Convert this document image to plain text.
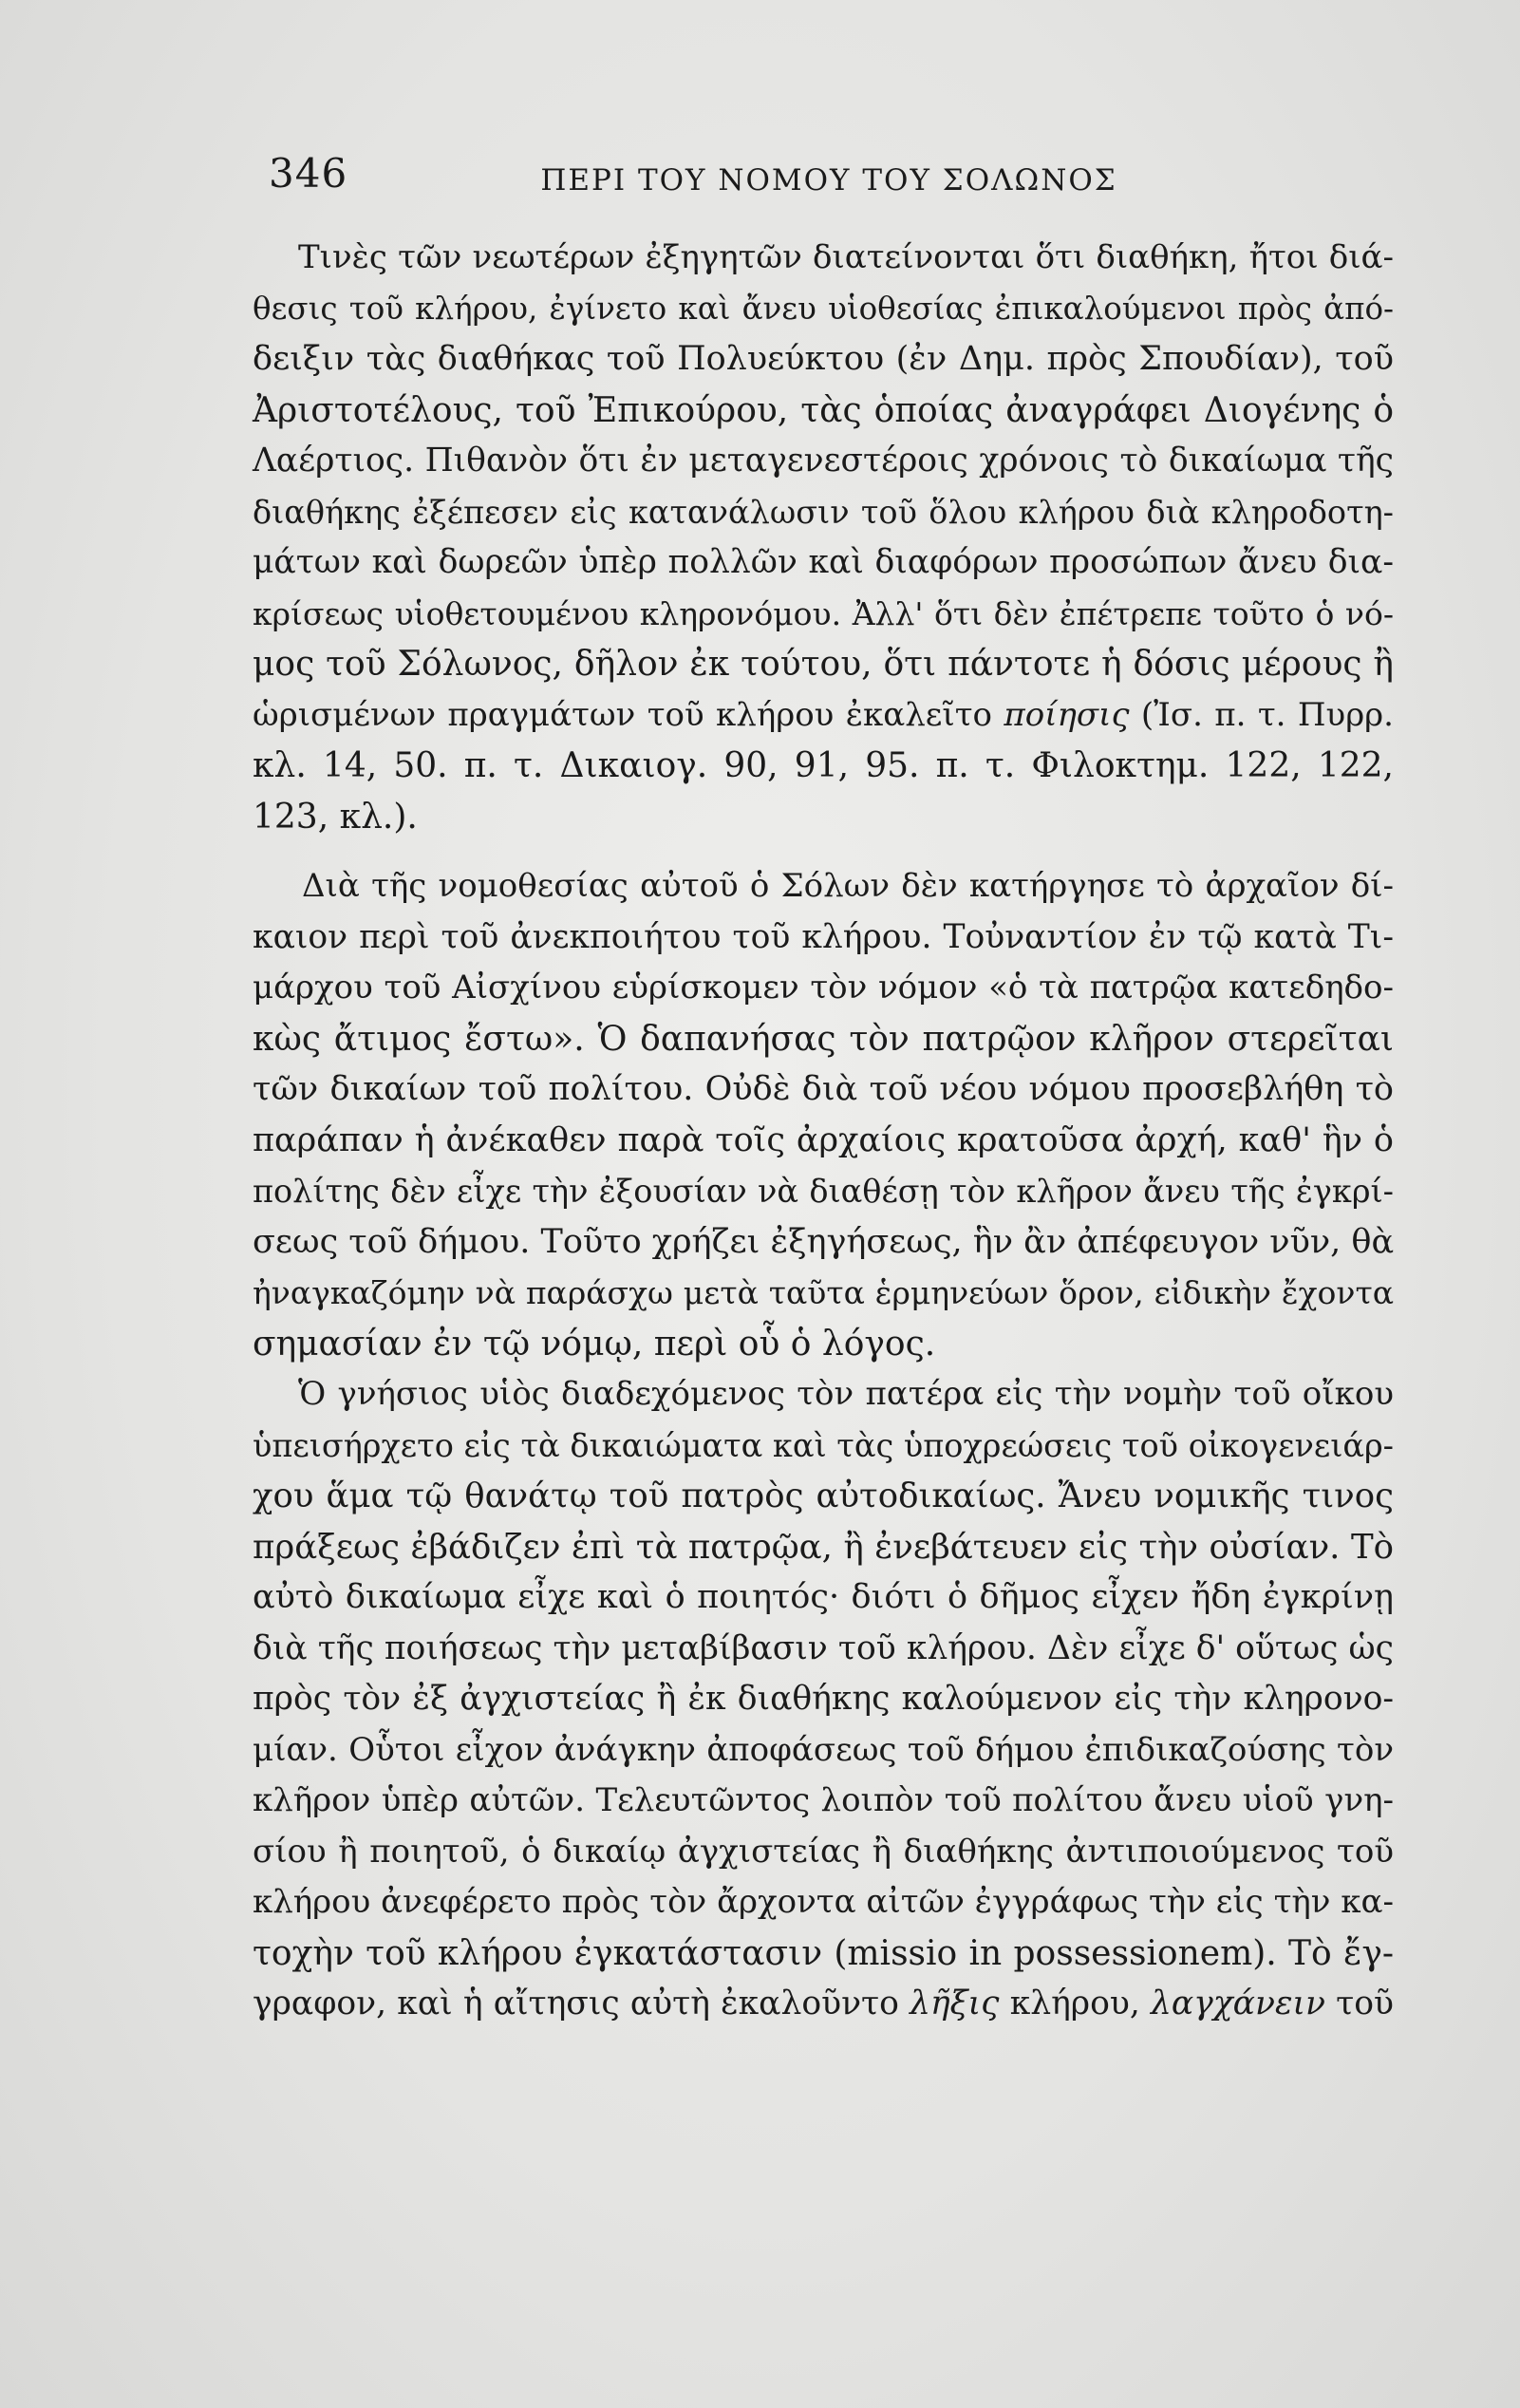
346	ΠΕΡΙ ΤΟΥ ΝΟΜΟΥ ΤΟΥ ΣΟΛΩΝΟΣ
Τινὲς τῶν νεωτέρων ἐξηγητῶν διατείνονται ὅτι διαθήκη, ἤτοι διά-
θεσις τοῦ κλήρου, ἐγίνετο καὶ ἄνευ υἱοθεσίας ἐπικαλούμενοι πρὸς ἀπό-
δειξιν τὰς διαθήκας τοῦ Πολυεύκτου (ἐν Δημ. πρὸς Σπουδίαν), τοῦ
Ἀριστοτέλους, τοῦ Ἐπικούρου, τὰς ὁποίας ἀναγράφει Διογένης ὁ
Λαέρτιος. Πιθανὸν ὅτι ἐν μεταγενεστέροις χρόνοις τὸ δικαίωμα τῆς
διαθήκης ἐξέπεσεν εἰς κατανάλωσιν τοῦ ὅλου κλήρου διὰ κληροδοτη-
μάτων καὶ δωρεῶν ὑπὲρ πολλῶν καὶ διαφόρων προσώπων ἄνευ δια-
κρίσεως υἱοθετουμένου κληρονόμου. Ἀλλ' ὅτι δὲν ἐπέτρεπε τοῦτο ὁ νό-
μος τοῦ Σόλωνος, δῆλον ἐκ τούτου, ὅτι πάντοτε ἡ δόσις μέρους ἢ
ὡρισμένων πραγμάτων τοῦ κλήρου ἐκαλεῖτο ποίησις (Ἰσ. π. τ. Πυρρ.
κλ. 14, 50. π. τ. Δικαιογ. 90, 91, 95. π. τ. Φιλοκτημ. 122, 122,
123, κλ.).
Διὰ τῆς νομοθεσίας αὐτοῦ ὁ Σόλων δὲν κατήργησε τὸ ἀρχαῖον δί-
καιον περὶ τοῦ ἀνεκποιήτου τοῦ κλήρου. Τοὐναντίον ἐν τῷ κατὰ Τι-
μάρχου τοῦ Αἰσχίνου εὑρίσκομεν τὸν νόμον «ὁ τὰ πατρῷα κατεδηδο-
κὼς ἄτιμος ἔστω». Ὁ δαπανήσας τὸν πατρῷον κλῆρον στερεῖται
τῶν δικαίων τοῦ πολίτου. Οὐδὲ διὰ τοῦ νέου νόμου προσεβλήθη τὸ
παράπαν ἡ ἀνέκαθεν παρὰ τοῖς ἀρχαίοις κρατοῦσα ἀρχή, καθ' ἣν ὁ
πολίτης δὲν εἶχε τὴν ἐξουσίαν νὰ διαθέσῃ τὸν κλῆρον ἄνευ τῆς ἐγκρί-
σεως τοῦ δήμου. Τοῦτο χρήζει ἐξηγήσεως, ἣν ἂν ἀπέφευγον νῦν, θὰ
ἠναγκαζόμην νὰ παράσχω μετὰ ταῦτα ἑρμηνεύων ὅρον, εἰδικὴν ἔχοντα
σημασίαν ἐν τῷ νόμῳ, περὶ οὗ ὁ λόγος.
Ὁ γνήσιος υἱὸς διαδεχόμενος τὸν πατέρα εἰς τὴν νομὴν τοῦ οἴκου
ὑπεισήρχετο εἰς τὰ δικαιώματα καὶ τὰς ὑποχρεώσεις τοῦ οἰκογενειάρ-
χου ἅμα τῷ θανάτῳ τοῦ πατρὸς αὐτοδικαίως. Ἄνευ νομικῆς τινος
πράξεως ἐβάδιζεν ἐπὶ τὰ πατρῷα, ἢ ἐνεβάτευεν εἰς τὴν οὐσίαν. Τὸ
αὐτὸ δικαίωμα εἶχε καὶ ὁ ποιητός· διότι ὁ δῆμος εἶχεν ἤδη ἐγκρίνῃ
διὰ τῆς ποιήσεως τὴν μεταβίβασιν τοῦ κλήρου. Δὲν εἶχε δ' οὕτως ὡς
πρὸς τὸν ἐξ ἀγχιστείας ἢ ἐκ διαθήκης καλούμενον εἰς τὴν κληρονο-
μίαν. Οὗτοι εἶχον ἀνάγκην ἀποφάσεως τοῦ δήμου ἐπιδικαζούσης τὸν
κλῆρον ὑπὲρ αὐτῶν. Τελευτῶντος λοιπὸν τοῦ πολίτου ἄνευ υἱοῦ γνη-
σίου ἢ ποιητοῦ, ὁ δικαίῳ ἀγχιστείας ἢ διαθήκης ἀντιποιούμενος τοῦ
κλήρου ἀνεφέρετο πρὸς τὸν ἄρχοντα αἰτῶν ἐγγράφως τὴν εἰς τὴν κα-
τοχὴν τοῦ κλήρου ἐγκατάστασιν (missio in possessionem). Τὸ ἔγ-
γραφον, καὶ ἡ αἴτησις αὐτὴ ἐκαλοῦντο λῆξις κλήρου, λαγχάνειν τοῦ
